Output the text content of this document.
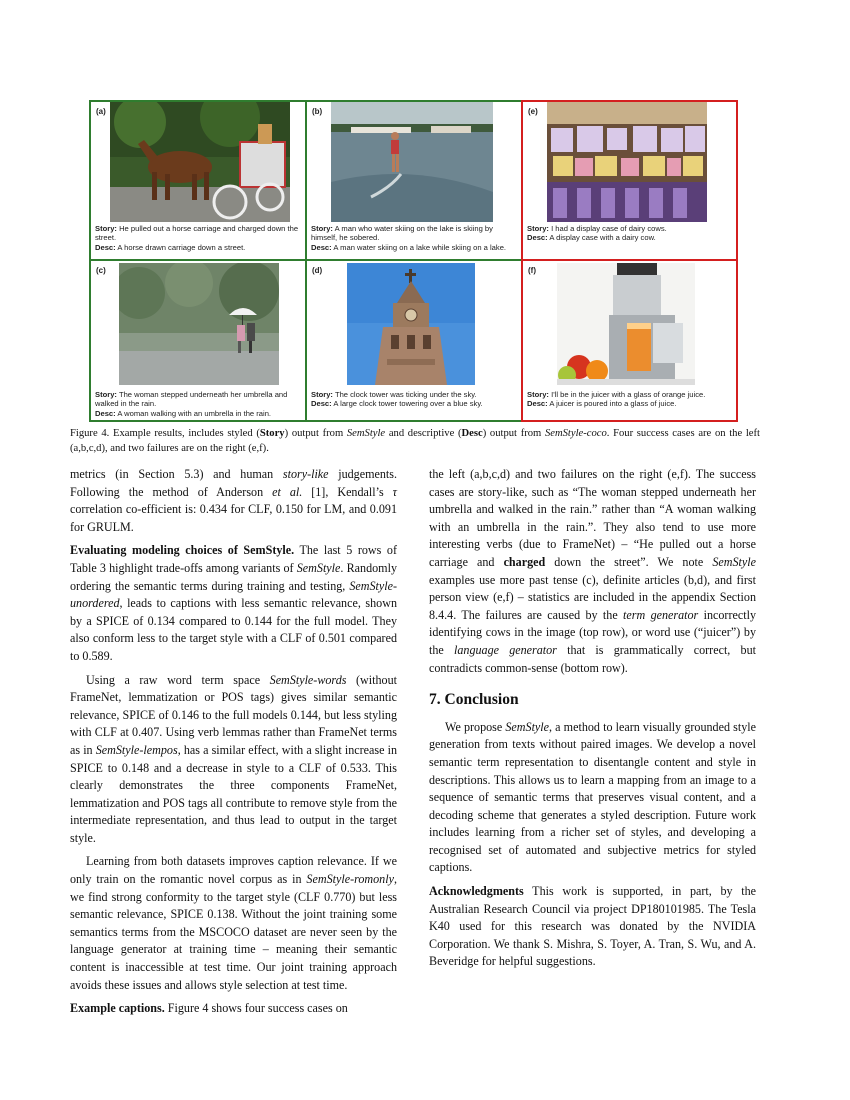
(a)
Story: He pulled out a horse carriage and charged down the street.
Desc: A horse drawn carriage down a street.
(b)
Story: A man who water skiing on the lake is skiing by himself, he sobered.
Desc: A man water skiing on a lake while skiing on a lake.
(e)
Story: I had a display case of dairy cows.
Desc: A display case with a dairy cow.
(c)
Story: The woman stepped underneath her umbrella and walked in the rain.
Desc: A woman walking with an umbrella in the rain.
(d)
Story: The clock tower was ticking under the sky.
Desc: A large clock tower towering over a blue sky.
(f)
Story: I'll be in the juicer with a glass of orange juice.
Desc: A juicer is poured into a glass of juice.
Figure 4. Example results, includes styled (Story) output from SemStyle and descriptive (Desc) output from SemStyle-coco. Four success cases are on the left (a,b,c,d), and two failures are on the right (e,f).

metrics (in Section 5.3) and human story-like judgements. Following the method of Anderson et al. [1], Kendall’s τ correlation co-efficient is: 0.434 for CLF, 0.150 for LM, and 0.091 for GRULM.

Evaluating modeling choices of SemStyle. The last 5 rows of Table 3 highlight trade-offs among variants of SemStyle. Randomly ordering the semantic terms during training and testing, SemStyle-unordered, leads to captions with less semantic relevance, shown by a SPICE of 0.134 compared to 0.144 for the full model. They also conform less to the target style with a CLF of 0.501 compared to 0.589.

Using a raw word term space SemStyle-words (without FrameNet, lemmatization or POS tags) gives similar semantic relevance, SPICE of 0.146 to the full models 0.144, but less styling with CLF at 0.407. Using verb lemmas rather than FrameNet terms as in SemStyle-lempos, has a similar effect, with a slight increase in SPICE to 0.148 and a decrease in style to a CLF of 0.533. This clearly demonstrates the three components FrameNet, lemmatization and POS tags all contribute to remove style from the intermediate representation, and thus lead to output in the target style.

Learning from both datasets improves caption relevance. If we only train on the romantic novel corpus as in SemStyle-romonly, we find strong conformity to the target style (CLF 0.770) but less semantic relevance, SPICE 0.138. Without the joint training some semantics terms from the MSCOCO dataset are never seen by the language generator at training time – meaning their semantic content is inaccessible at test time. Our joint training approach avoids these issues and allows style selection at test time.

Example captions. Figure 4 shows four success cases on

the left (a,b,c,d) and two failures on the right (e,f). The success cases are story-like, such as “The woman stepped underneath her umbrella and walked in the rain.” rather than “A woman walking with an umbrella in the rain.”. They also tend to use more interesting verbs (due to FrameNet) – “He pulled out a horse carriage and charged down the street”. We note SemStyle examples use more past tense (c), definite articles (b,d), and first person view (e,f) – statistics are included in the appendix Section 8.4.4. The failures are caused by the term generator incorrectly identifying cows in the image (top row), or word use (“juicer”) by the language generator that is grammatically correct, but contradicts common-sense (bottom row).

7. Conclusion

We propose SemStyle, a method to learn visually grounded style generation from texts without paired images. We develop a novel semantic term representation to disentangle content and style in descriptions. This allows us to learn a mapping from an image to a sequence of semantic terms that preserves visual content, and a decoding scheme that generates a styled description. Future work includes learning from a richer set of styles, and developing a recognised set of automated and subjective metrics for styled captions.

Acknowledgments This work is supported, in part, by the Australian Research Council via project DP180101985. The Tesla K40 used for this research was donated by the NVIDIA Corporation. We thank S. Mishra, S. Toyer, A. Tran, S. Wu, and A. Beveridge for helpful suggestions.
